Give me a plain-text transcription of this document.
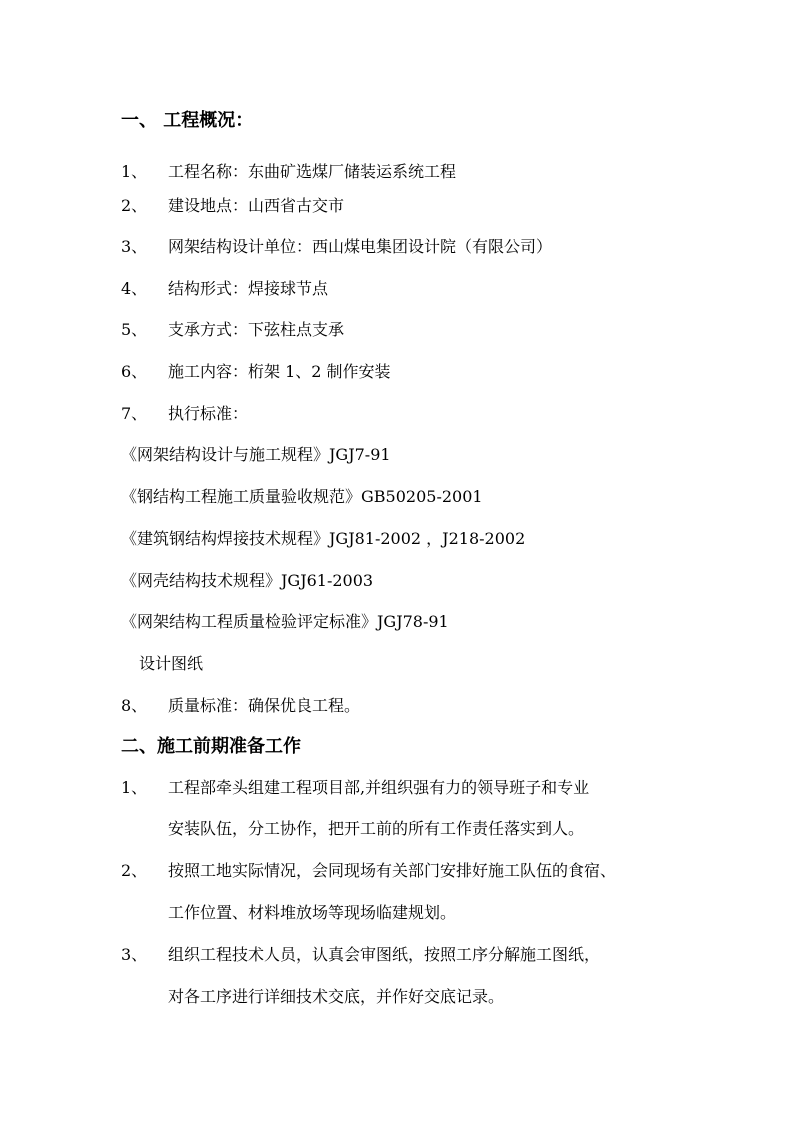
一、 工程概况：
1、	工程名称：东曲矿选煤厂储装运系统工程
2、	建设地点：山西省古交市
3、	网架结构设计单位：西山煤电集团设计院（有限公司）
4、	结构形式：焊接球节点
5、	支承方式：下弦柱点支承
6、	施工内容：桁架 1、2 制作安装
7、	执行标准：
《网架结构设计与施工规程》JGJ7-91
《钢结构工程施工质量验收规范》GB50205-2001
《建筑钢结构焊接技术规程》JGJ81-2002 ，J218-2002
《网壳结构技术规程》JGJ61-2003
《网架结构工程质量检验评定标准》JGJ78-91
设计图纸
8、	质量标准：确保优良工程。
二、施工前期准备工作
1、	工程部牵头组建工程项目部,并组织强有力的领导班子和专业
安装队伍，分工协作，把开工前的所有工作责任落实到人。
2、	按照工地实际情况，会同现场有关部门安排好施工队伍的食宿、
工作位置、材料堆放场等现场临建规划。
3、	组织工程技术人员，认真会审图纸，按照工序分解施工图纸，
对各工序进行详细技术交底，并作好交底记录。
